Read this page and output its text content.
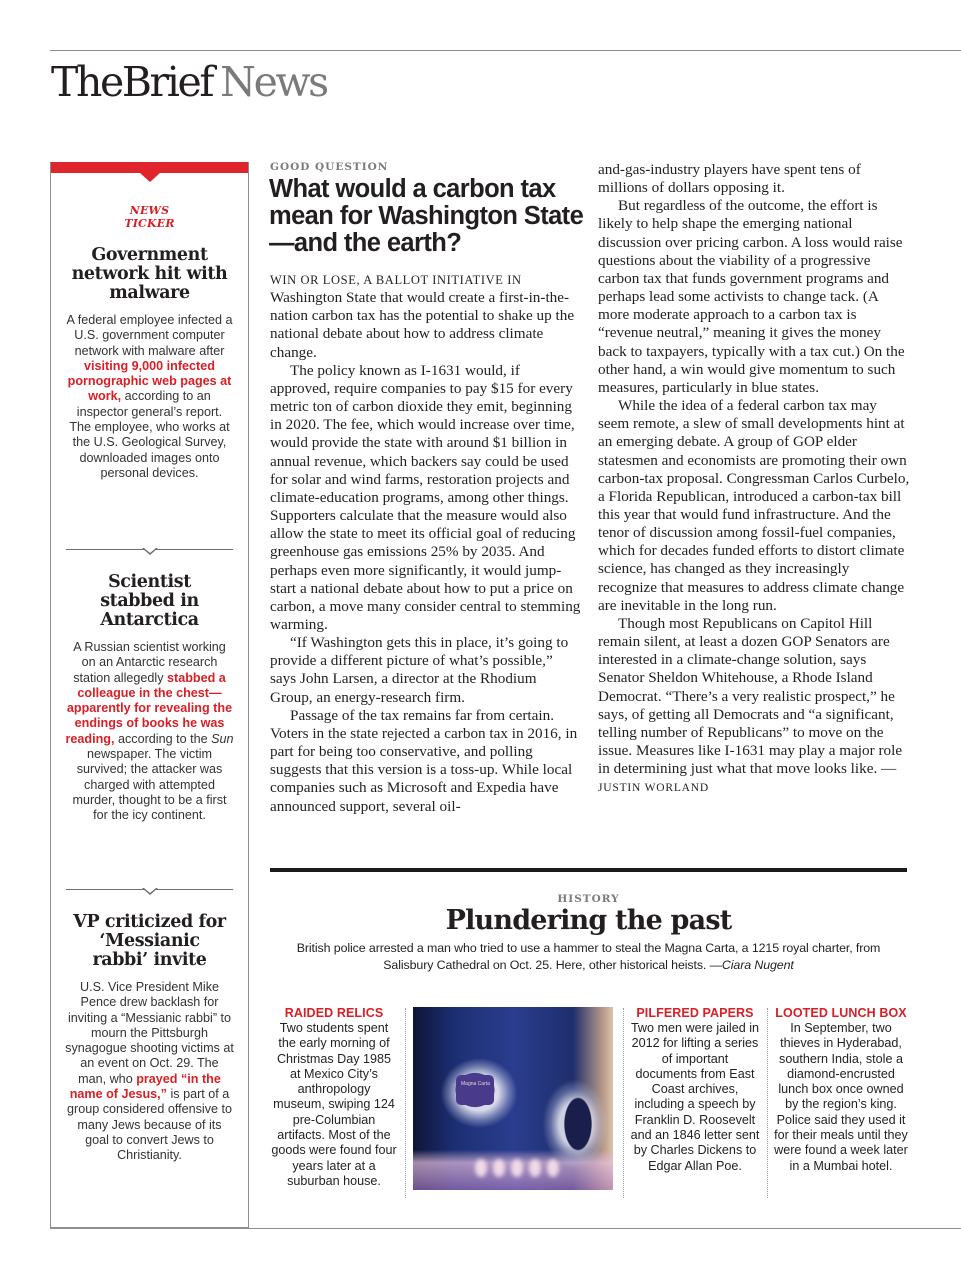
TheBrief News
NEWS
TICKER
Government network hit with malware

A federal employee infected a U.S. government computer network with malware after visiting 9,000 infected pornographic web pages at work, according to an inspector general’s report. The employee, who works at the U.S. Geological Survey, downloaded images onto personal devices.

Scientist stabbed in Antarctica

A Russian scientist working on an Antarctic research station allegedly stabbed a colleague in the chest—apparently for revealing the endings of books he was reading, according to the Sun newspaper. The victim survived; the attacker was charged with attempted murder, thought to be a first for the icy continent.

VP criticized for ‘Messianic rabbi’ invite

U.S. Vice President Mike Pence drew backlash for inviting a “Messianic rabbi” to mourn the Pittsburgh synagogue shooting victims at an event on Oct. 29. The man, who prayed “in the name of Jesus,” is part of a group considered offensive to many Jews because of its goal to convert Jews to Christianity.

GOOD QUESTION
What would a carbon tax mean for Washington State—and the earth?

WIN OR LOSE, A BALLOT INITIATIVE IN Washington State that would create a first-in-the-nation carbon tax has the potential to shake up the national debate about how to address climate change.

The policy known as I-1631 would, if approved, require companies to pay $15 for every metric ton of carbon dioxide they emit, beginning in 2020. The fee, which would increase over time, would provide the state with around $1 billion in annual revenue, which backers say could be used for solar and wind farms, restoration projects and climate-education programs, among other things. Supporters calculate that the measure would also allow the state to meet its official goal of reducing greenhouse gas emissions 25% by 2035. And perhaps even more significantly, it would jump-start a national debate about how to put a price on carbon, a move many consider central to stemming warming.

“If Washington gets this in place, it’s going to provide a different picture of what’s possible,” says John Larsen, a director at the Rhodium Group, an energy-research firm.

Passage of the tax remains far from certain. Voters in the state rejected a carbon tax in 2016, in part for being too conservative, and polling suggests that this version is a toss-up. While local companies such as Microsoft and Expedia have announced support, several oil-

and-gas-industry players have spent tens of millions of dollars opposing it.

But regardless of the outcome, the effort is likely to help shape the emerging national discussion over pricing carbon. A loss would raise questions about the viability of a progressive carbon tax that funds government programs and perhaps lead some activists to change tack. (A more moderate approach to a carbon tax is “revenue neutral,” meaning it gives the money back to taxpayers, typically with a tax cut.) On the other hand, a win would give momentum to such measures, particularly in blue states.

While the idea of a federal carbon tax may seem remote, a slew of small developments hint at an emerging debate. A group of GOP elder statesmen and economists are promoting their own carbon-tax proposal. Congressman Carlos Curbelo, a Florida Republican, introduced a carbon-tax bill this year that would fund infrastructure. And the tenor of discussion among fossil-fuel companies, which for decades funded efforts to distort climate science, has changed as they increasingly recognize that measures to address climate change are inevitable in the long run.

Though most Republicans on Capitol Hill remain silent, at least a dozen GOP Senators are interested in a climate-change solution, says Senator Sheldon Whitehouse, a Rhode Island Democrat. “There’s a very realistic prospect,” he says, of getting all Democrats and “a significant, telling number of Republicans” to move on the issue. Measures like I-1631 may play a major role in determining just what that move looks like. —JUSTIN WORLAND

HISTORY
Plundering the past

British police arrested a man who tried to use a hammer to steal the Magna Carta, a 1215 royal charter, from Salisbury Cathedral on Oct. 25. Here, other historical heists. —Ciara Nugent

RAIDED RELICS

Two students spent the early morning of Christmas Day 1985 at Mexico City’s anthropology museum, swiping 124 pre-Columbian artifacts. Most of the goods were found four years later at a suburban house.

Magna Carta
PILFERED PAPERS

Two men were jailed in 2012 for lifting a series of important documents from East Coast archives, including a speech by Franklin D. Roosevelt and an 1846 letter sent by Charles Dickens to Edgar Allan Poe.

LOOTED LUNCH BOX

In September, two thieves in Hyderabad, southern India, stole a diamond-encrusted lunch box once owned by the region’s king. Police said they used it for their meals until they were found a week later in a Mumbai hotel.
